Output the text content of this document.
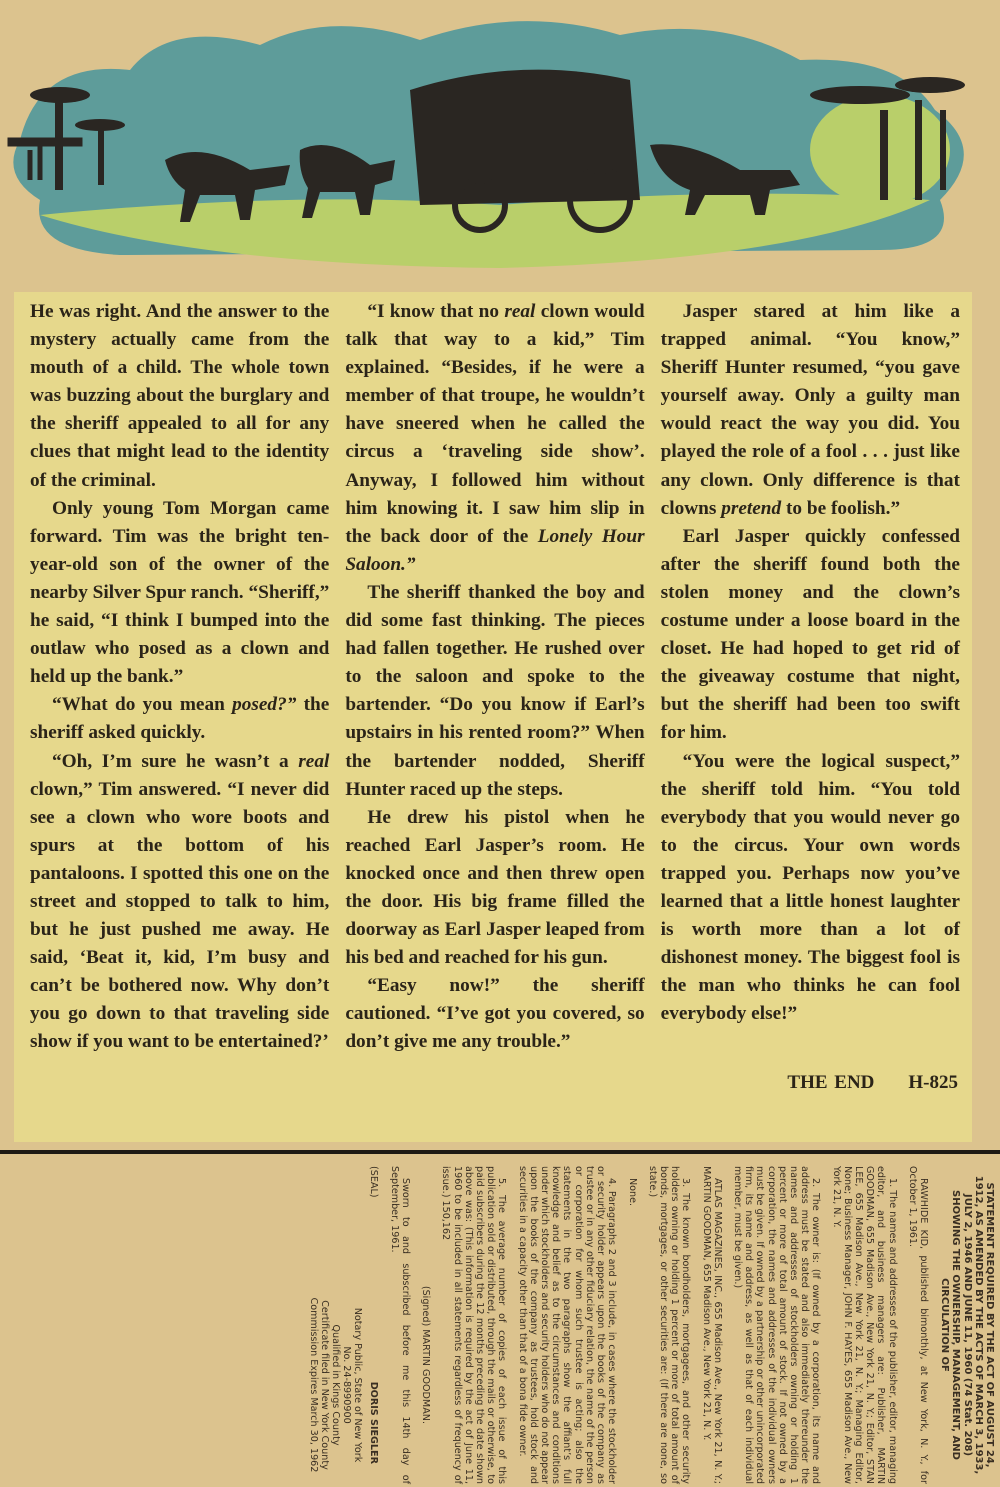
He was right. And the answer to the mystery actually came from the mouth of a child. The whole town was buzzing about the burglary and the sheriff appealed to all for any clues that might lead to the identity of the criminal.

Only young Tom Morgan came forward. Tim was the bright ten-year-old son of the owner of the nearby Silver Spur ranch. “Sheriff,” he said, “I think I bumped into the outlaw who posed as a clown and held up the bank.”

“What do you mean posed?” the sheriff asked quickly.

“Oh, I’m sure he wasn’t a real clown,” Tim answered. “I never did see a clown who wore boots and spurs at the bottom of his pantaloons. I spotted this one on the street and stopped to talk to him, but he just pushed me away. He said, ‘Beat it, kid, I’m busy and can’t be bothered now. Why don’t you go down to that traveling side show if you want to be entertained?’

“I know that no real clown would talk that way to a kid,” Tim explained. “Besides, if he were a member of that troupe, he wouldn’t have sneered when he called the circus a ‘traveling side show’. Anyway, I followed him without him knowing it. I saw him slip in the back door of the Lonely Hour Saloon.”

The sheriff thanked the boy and did some fast thinking. The pieces had fallen together. He rushed over to the saloon and spoke to the bartender. “Do you know if Earl’s upstairs in his rented room?” When the bartender nodded, Sheriff Hunter raced up the steps.

He drew his pistol when he reached Earl Jasper’s room. He knocked once and then threw open the door. His big frame filled the doorway as Earl Jasper leaped from his bed and reached for his gun.

“Easy now!” the sheriff cautioned. “I’ve got you covered, so don’t give me any trouble.”

Jasper stared at him like a trapped animal. “You know,” Sheriff Hunter resumed, “you gave yourself away. Only a guilty man would react the way you did. You played the role of a fool . . . just like any clown. Only difference is that clowns pretend to be foolish.”

Earl Jasper quickly confessed after the sheriff found both the stolen money and the clown’s costume under a loose board in the closet. He had hoped to get rid of the giveaway costume that night, but the sheriff had been too swift for him.

“You were the logical suspect,” the sheriff told him. “You told everybody that you would never go to the circus. Your own words trapped you. Perhaps now you’ve learned that a little honest laughter is worth more than a lot of dishonest money. The biggest fool is the man who thinks he can fool everybody else!”

THE END H-825
STATEMENT REQUIRED BY THE ACT OF AUGUST 24, 1912, AS AMENDED BY THE ACTS OF MARCH 3, 1933, JULY 2, 1946 AND JUNE 11, 1960 (74 Stat. 208) SHOWING THE OWNERSHIP, MANAGEMENT, AND CIRCULATION OF

RAWHIDE KID, published bimonthly, at New York, N. Y., for October 1, 1961.

1. The names and addresses of the publisher, editor, managing editor, and business managers are: Publisher, MARTIN GOODMAN, 655 Madison Ave., New York 21, N. Y.; Editor, STAN LEE, 655 Madison Ave., New York 21, N. Y.; Managing Editor, None; Business Manager, JOHN F. HAYES, 655 Madison Ave., New York 21, N. Y.

2. The owner is: (If owned by a corporation, its name and address must be stated and also immediately thereunder the names and addresses of stockholders owning or holding 1 percent or more of total amount of stock. If not owned by a corporation, the names and addresses of the individual owners must be given. If owned by a partnership or other unincorporated firm, its name and address, as well as that of each individual member, must be given.)

ATLAS MAGAZINES, INC., 655 Madison Ave., New York 21, N. Y.; MARTIN GOODMAN, 655 Madison Ave., New York 21, N. Y.

3. The known bondholders, mortgagees, and other security holders owning or holding 1 percent or more of total amount of bonds, mortgages, or other securities are: (If there are none, so state.)

None.

4. Paragraphs 2 and 3 include, in cases where the stockholder or security holder appears upon the books of the company as trustee or in any other fiduciary relation, the name of the person or corporation for whom such trustee is acting; also the statements in the two paragraphs show the affiant’s full knowledge and belief as to the circumstances and conditions under which stockholders and security holders who do not appear upon the books of the company as trustees, hold stock and securities in a capacity other than that of a bona fide owner.

5. The average number of copies of each issue of this publication sold or distributed, through the mails or otherwise, to paid subscribers during the 12 months preceding the date shown above was: (This information is required by the act of June 11, 1960 to be included in all statements regardless of frequency of issue.) 150,162

(Signed) MARTIN GOODMAN.

Sworn to and subscribed before me this 14th day of September, 1961.

(SEAL)
DORIS SIEGLER
Notary Public, State of New York
No. 24-8990900
Qualified in Kings County
Certificate filed in New York County
Commission Expires March 30, 1962
